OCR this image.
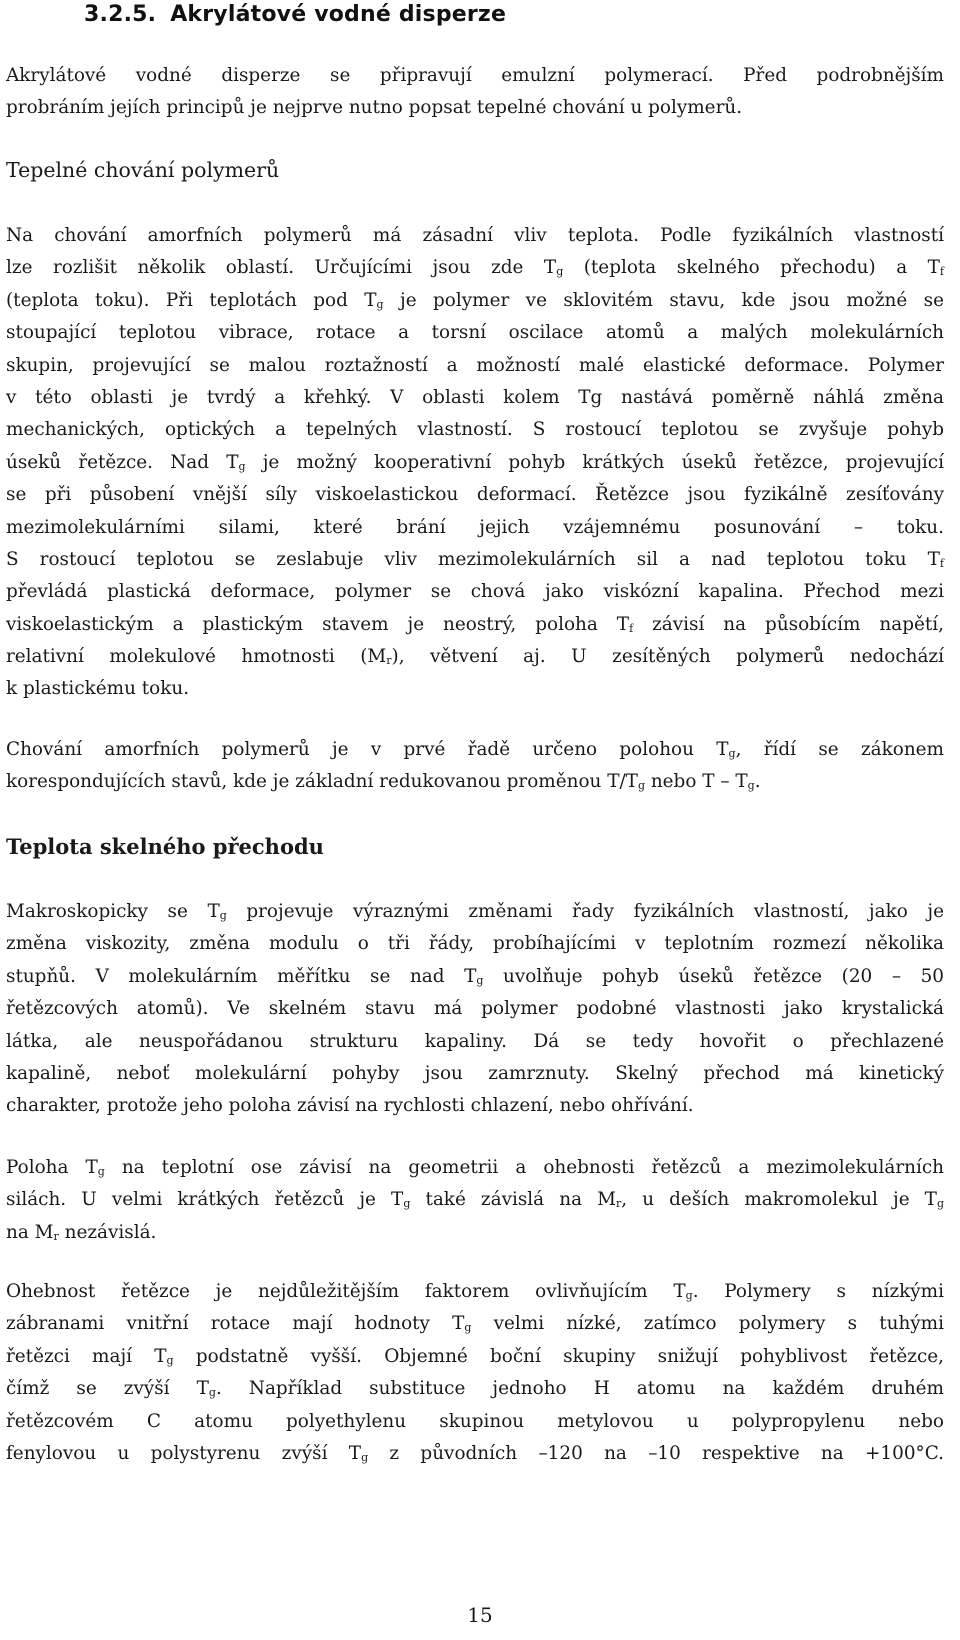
3.2.5. Akrylátové vodné disperze
Akrylátové vodné disperze se připravují emulzní polymerací. Před podrobnějším
probráním jejích principů je nejprve nutno popsat tepelné chování u polymerů.
Tepelné chování polymerů
Na chování amorfních polymerů má zásadní vliv teplota. Podle fyzikálních vlastností
lze rozlišit několik oblastí. Určujícími jsou zde $T_g$ (teplota skelného přechodu) a $T_f$
(teplota toku). Při teplotách pod $T_g$ je polymer ve sklovitém stavu, kde jsou možné se
stoupající teplotou vibrace, rotace a torsní oscilace atomů a malých molekulárních
skupin, projevující se malou roztažností a možností malé elastické deformace. Polymer
v této oblasti je tvrdý a křehký. V oblasti kolem Tg nastává poměrně náhlá změna
mechanických, optických a tepelných vlastností. S rostoucí teplotou se zvyšuje pohyb
úseků řetězce. Nad $T_g$ je možný kooperativní pohyb krátkých úseků řetězce, projevující
se při působení vnější síly viskoelastickou deformací. Řetězce jsou fyzikálně zesíťovány
mezimolekulárními silami, které brání jejich vzájemnému posunování – toku.
S rostoucí teplotou se zeslabuje vliv mezimolekulárních sil a nad teplotou toku $T_f$
převládá plastická deformace, polymer se chová jako viskózní kapalina. Přechod mezi
viskoelastickým a plastickým stavem je neostrý, poloha $T_f$ závisí na působícím napětí,
relativní molekulové hmotnosti $(M_r)$, větvení aj. U zesítěných polymerů nedochází
k plastickému toku.
Chování amorfních polymerů je v prvé řadě určeno polohou $T_g$, řídí se zákonem
korespondujících stavů, kde je základní redukovanou proměnou $T/T_g$ nebo T – $T_g$.
Teplota skelného přechodu
Makroskopicky se $T_g$ projevuje výraznými změnami řady fyzikálních vlastností, jako je
změna viskozity, změna modulu o tři řády, probíhajícími v teplotním rozmezí několika
stupňů. V molekulárním měřítku se nad $T_g$ uvolňuje pohyb úseků řetězce (20 – 50
řetězcových atomů). Ve skelném stavu má polymer podobné vlastnosti jako krystalická
látka, ale neuspořádanou strukturu kapaliny. Dá se tedy hovořit o přechlazené
kapalině, neboť molekulární pohyby jsou zamrznuty. Skelný přechod má kinetický
charakter, protože jeho poloha závisí na rychlosti chlazení, nebo ohřívání.
Poloha $T_g$ na teplotní ose závisí na geometrii a ohebnosti řetězců a mezimolekulárních
silách. U velmi krátkých řetězců je $T_g$ také závislá na $M_r$, u deších makromolekul je $T_g$
na $M_r$ nezávislá.
Ohebnost řetězce je nejdůležitějším faktorem ovlivňujícím $T_g$. Polymery s nízkými
zábranami vnitřní rotace mají hodnoty $T_g$ velmi nízké, zatímco polymery s tuhými
řetězci mají $T_g$ podstatně vyšší. Objemné boční skupiny snižují pohyblivost řetězce,
čímž se zvýší $T_g$. Například substituce jednoho H atomu na každém druhém
řetězcovém C atomu polyethylenu skupinou metylovou u polypropylenu nebo
fenylovou u polystyrenu zvýší $T_g$ z původních –120 na –10 respektive na +100°C.
15
